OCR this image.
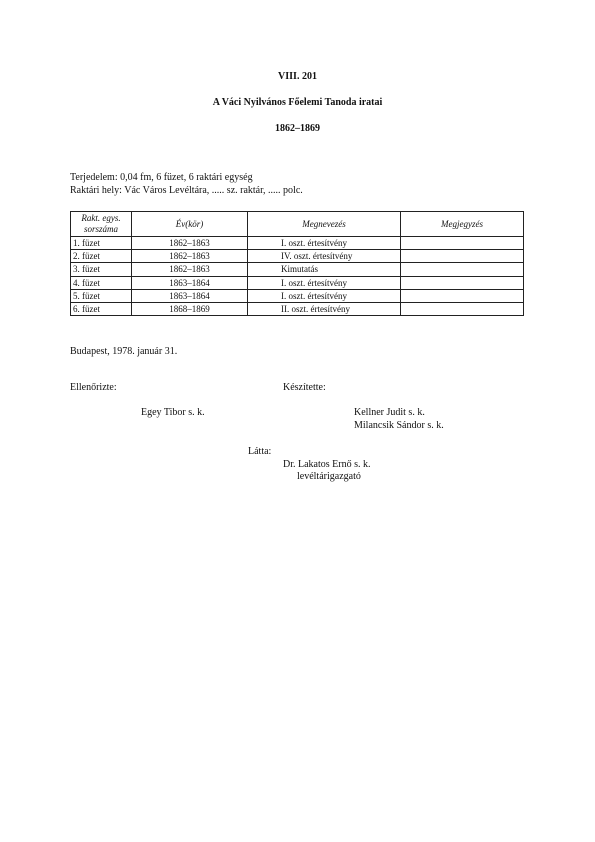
VIII. 201
A Váci Nyilvános Főelemi Tanoda iratai
1862–1869
Terjedelem: 0,04 fm, 6 füzet, 6 raktári egység
Raktári hely: Vác Város Levéltára, ..... sz. raktár, ..... polc.
Rakt. egys.
sorszáma	Év(kör)	Megnevezés	Megjegyzés
1. füzet	1862–1863	I. oszt. értesítvény	
2. füzet	1862–1863	IV. oszt. értesítvény	
3. füzet	1862–1863	Kimutatás	
4. füzet	1863–1864	I. oszt. értesítvény	
5. füzet	1863–1864	I. oszt. értesítvény	
6. füzet	1868–1869	II. oszt. értesítvény	
Budapest, 1978. január 31.
Ellenőrizte:	Készítette:
Egey Tibor s. k.	Kellner Judit s. k.
Milancsik Sándor s. k.
Látta:
Dr. Lakatos Ernő s. k.
levéltárigazgató
